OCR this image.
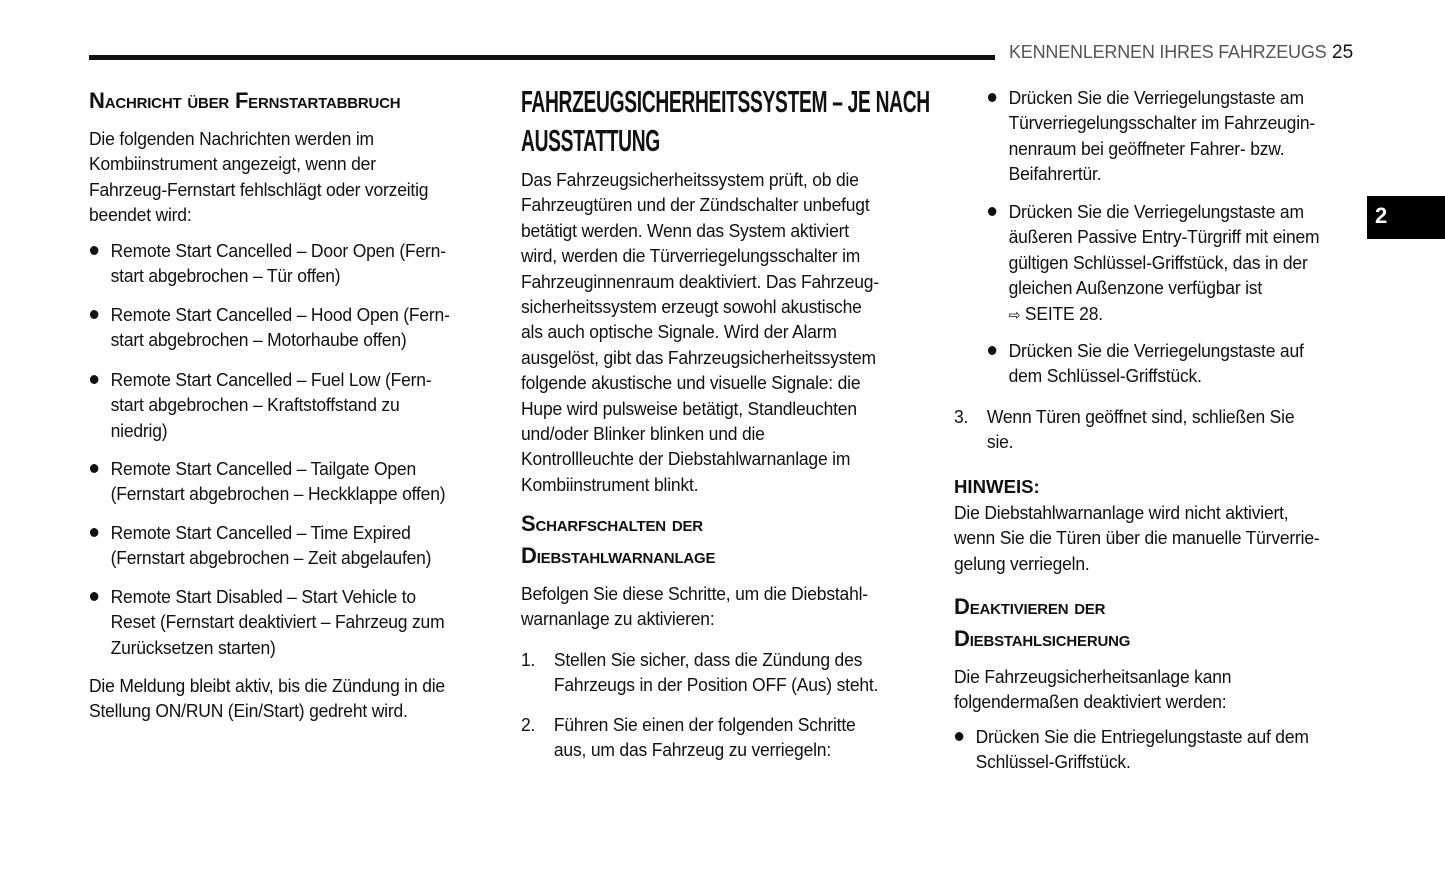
KENNENLERNEN IHRES FAHRZEUGS 25
2
Nachricht über Fernstartabbruch
Die folgenden Nachrichten werden im
Kombiinstrument angezeigt, wenn der
Fahrzeug-Fernstart fehlschlägt oder vorzeitig
beendet wird:
Remote Start Cancelled – Door Open (Fern-
start abgebrochen – Tür offen)
Remote Start Cancelled – Hood Open (Fern-
start abgebrochen – Motorhaube offen)
Remote Start Cancelled – Fuel Low (Fern-
start abgebrochen – Kraftstoffstand zu
niedrig)
Remote Start Cancelled – Tailgate Open
(Fernstart abgebrochen – Heckklappe offen)
Remote Start Cancelled – Time Expired
(Fernstart abgebrochen – Zeit abgelaufen)
Remote Start Disabled – Start Vehicle to
Reset (Fernstart deaktiviert – Fahrzeug zum
Zurücksetzen starten)
Die Meldung bleibt aktiv, bis die Zündung in die
Stellung ON/RUN (Ein/Start) gedreht wird.
FAHRZEUGSICHERHEITSSYSTEM – JE NACH
AUSSTATTUNG
Das Fahrzeugsicherheitssystem prüft, ob die
Fahrzeugtüren und der Zündschalter unbefugt
betätigt werden. Wenn das System aktiviert
wird, werden die Türverriegelungsschalter im
Fahrzeuginnenraum deaktiviert. Das Fahrzeug-
sicherheitssystem erzeugt sowohl akustische
als auch optische Signale. Wird der Alarm
ausgelöst, gibt das Fahrzeugsicherheitssystem
folgende akustische und visuelle Signale: die
Hupe wird pulsweise betätigt, Standleuchten
und/oder Blinker blinken und die
Kontrollleuchte der Diebstahlwarnanlage im
Kombiinstrument blinkt.
Scharfschalten der
Diebstahlwarnanlage
Befolgen Sie diese Schritte, um die Diebstahl-
warnanlage zu aktivieren:
1. Stellen Sie sicher, dass die Zündung des
Fahrzeugs in der Position OFF (Aus) steht.
2. Führen Sie einen der folgenden Schritte
aus, um das Fahrzeug zu verriegeln:
Drücken Sie die Verriegelungstaste am
Türverriegelungsschalter im Fahrzeugin-
nenraum bei geöffneter Fahrer- bzw.
Beifahrertür.
Drücken Sie die Verriegelungstaste am
äußeren Passive Entry-Türgriff mit einem
gültigen Schlüssel-Griffstück, das in der
gleichen Außenzone verfügbar ist
⇨ SEITE 28.
Drücken Sie die Verriegelungstaste auf
dem Schlüssel-Griffstück.
3. Wenn Türen geöffnet sind, schließen Sie
sie.
HINWEIS:
Die Diebstahlwarnanlage wird nicht aktiviert,
wenn Sie die Türen über die manuelle Türverrie-
gelung verriegeln.
Deaktivieren der
Diebstahlsicherung
Die Fahrzeugsicherheitsanlage kann
folgendermaßen deaktiviert werden:
Drücken Sie die Entriegelungstaste auf dem
Schlüssel-Griffstück.
